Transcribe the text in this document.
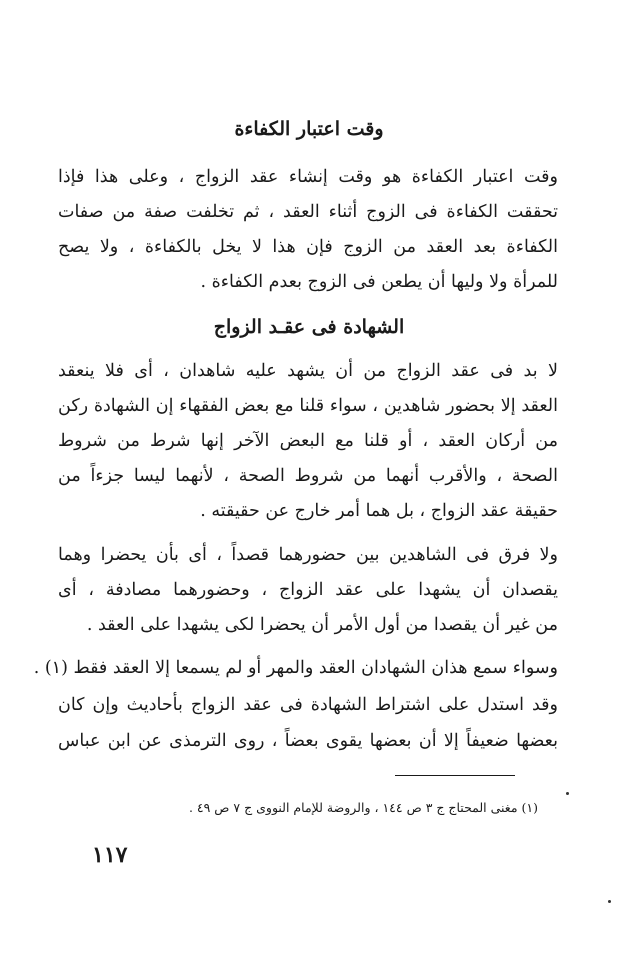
وقت اعتبار الكفاءة
وقت اعتبار الكفاءة هو وقت إنشاء عقد الزواج ، وعلى هذا فإذا
تحققت الكفاءة فى الزوج أثناء العقد ، ثم تخلفت صفة من صفات
الكفاءة بعد العقد من الزوج فإن هذا لا يخل بالكفاءة ، ولا يصح
للمرأة ولا وليها أن يطعن فى الزوج بعدم الكفاءة .
الشهادة فى عقـد الزواج
لا بد فى عقد الزواج من أن يشهد عليه شاهدان ، أى فلا ينعقد
العقد إلا بحضور شاهدين ، سواء قلنا مع بعض الفقهاء إن الشهادة ركن
من أركان العقد ، أو قلنا مع البعض الآخر إنها شرط من شروط
الصحة ، والأقرب أنهما من شروط الصحة ، لأنهما ليسا جزءاً من
حقيقة عقد الزواج ، بل هما أمر خارج عن حقيقته .
ولا فرق فى الشاهدين بين حضورهما قصداً ، أى بأن يحضرا وهما
يقصدان أن يشهدا على عقد الزواج ، وحضورهما مصادفة ، أى
من غير أن يقصدا من أول الأمر أن يحضرا لكى يشهدا على العقد .
وسواء سمع هذان الشهادان العقد والمهر أو لم يسمعا إلا العقد فقط (١) .
وقد استدل على اشتراط الشهادة فى عقد الزواج بأحاديث وإن كان
بعضها ضعيفاً إلا أن بعضها يقوى بعضاً ، روى الترمذى عن ابن عباس
(١) مغنى المحتاج ج ٣ ص ١٤٤ ، والروضة للإمام النووى ج ٧ ص ٤٩ .
١١٧
